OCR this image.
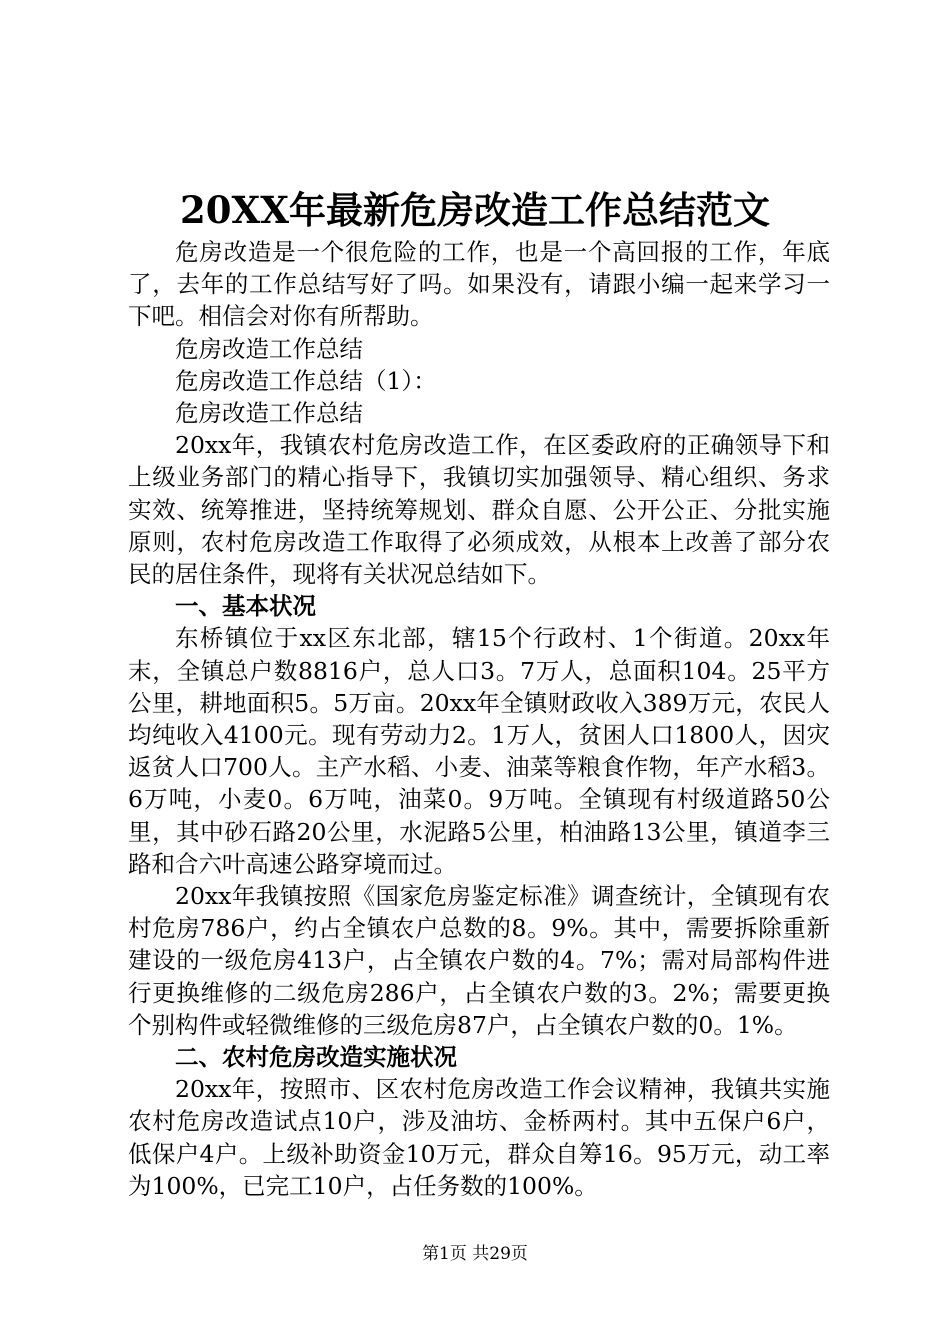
20XX年最新危房改造工作总结范文

危房改造是一个很危险的工作，也是一个高回报的工作，年底了，去年的工作总结写好了吗。如果没有，请跟小编一起来学习一下吧。相信会对你有所帮助。

危房改造工作总结

危房改造工作总结（1）：

危房改造工作总结

20xx年，我镇农村危房改造工作，在区委政府的正确领导下和上级业务部门的精心指导下，我镇切实加强领导、精心组织、务求实效、统筹推进，坚持统筹规划、群众自愿、公开公正、分批实施原则，农村危房改造工作取得了必须成效，从根本上改善了部分农民的居住条件，现将有关状况总结如下。

一、基本状况

东桥镇位于xx区东北部，辖15个行政村、1个街道。20xx年末，全镇总户数8816户，总人口3。7万人，总面积104。25平方公里，耕地面积5。5万亩。20xx年全镇财政收入389万元，农民人均纯收入4100元。现有劳动力2。1万人，贫困人口1800人，因灾返贫人口700人。主产水稻、小麦、油菜等粮食作物，年产水稻3。6万吨，小麦0。6万吨，油菜0。9万吨。全镇现有村级道路50公里，其中砂石路20公里，水泥路5公里，柏油路13公里，镇道李三路和合六叶高速公路穿境而过。

20xx年我镇按照《国家危房鉴定标准》调查统计，全镇现有农村危房786户，约占全镇农户总数的8。9%。其中，需要拆除重新建设的一级危房413户，占全镇农户数的4。7%；需对局部构件进行更换维修的二级危房286户，占全镇农户数的3。2%；需要更换个别构件或轻微维修的三级危房87户，占全镇农户数的0。1%。

二、农村危房改造实施状况

20xx年，按照市、区农村危房改造工作会议精神，我镇共实施农村危房改造试点10户，涉及油坊、金桥两村。其中五保户6户，低保户4户。上级补助资金10万元，群众自筹16。95万元，动工率为100%，已完工10户，占任务数的100%。

第1页 共29页
